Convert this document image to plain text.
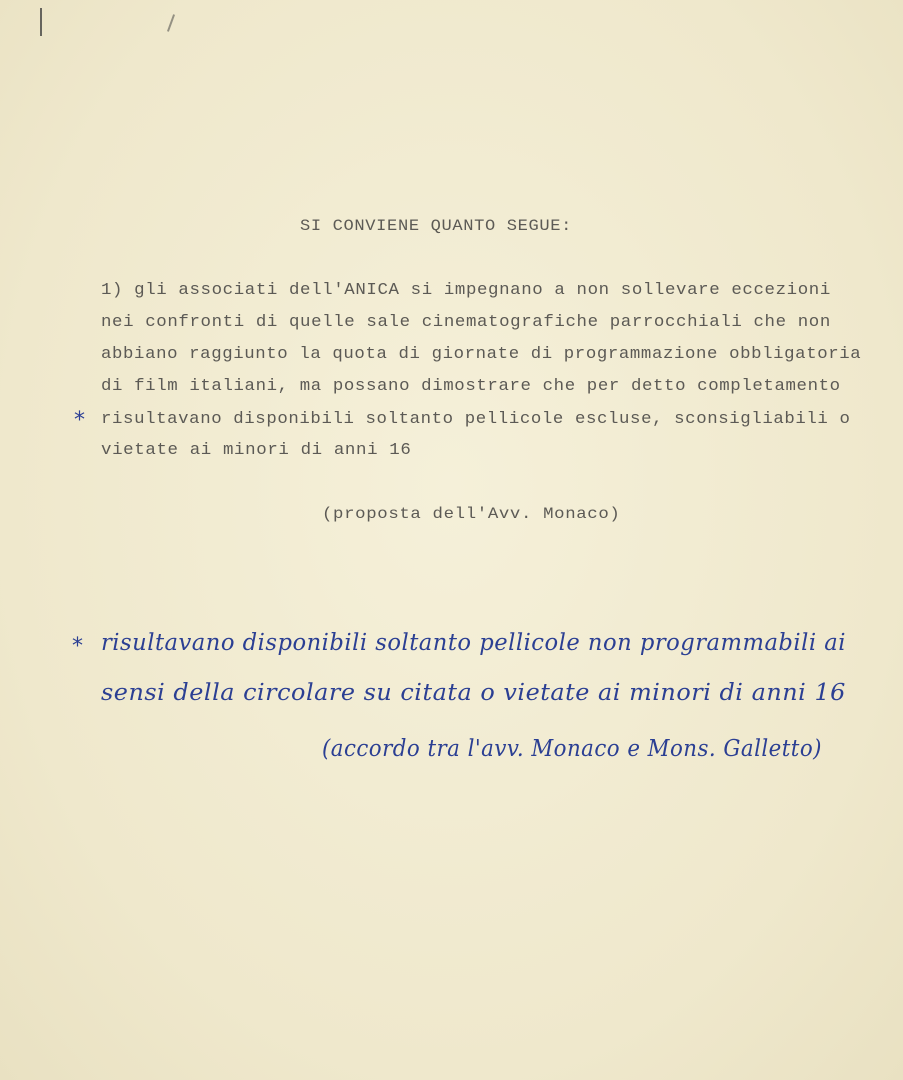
SI CONVIENE QUANTO SEGUE:
1) gli associati dell'ANICA si impegnano a non sollevare eccezioni
nei confronti di quelle sale cinematografiche parrocchiali che non
abbiano raggiunto la quota di giornate di programmazione obbligatoria
di film italiani, ma possano dimostrare che per detto completamento
* risultavano disponibili soltanto pellicole escluse, sconsigliabili o
vietate ai minori di anni 16
(proposta dell'Avv. Monaco)
* risultavano disponibili soltanto pellicole non programmabili ai
sensi della circolare su citata o vietate ai minori di anni 16
(accordo tra l'avv. Monaco e Mons. Galletto)
